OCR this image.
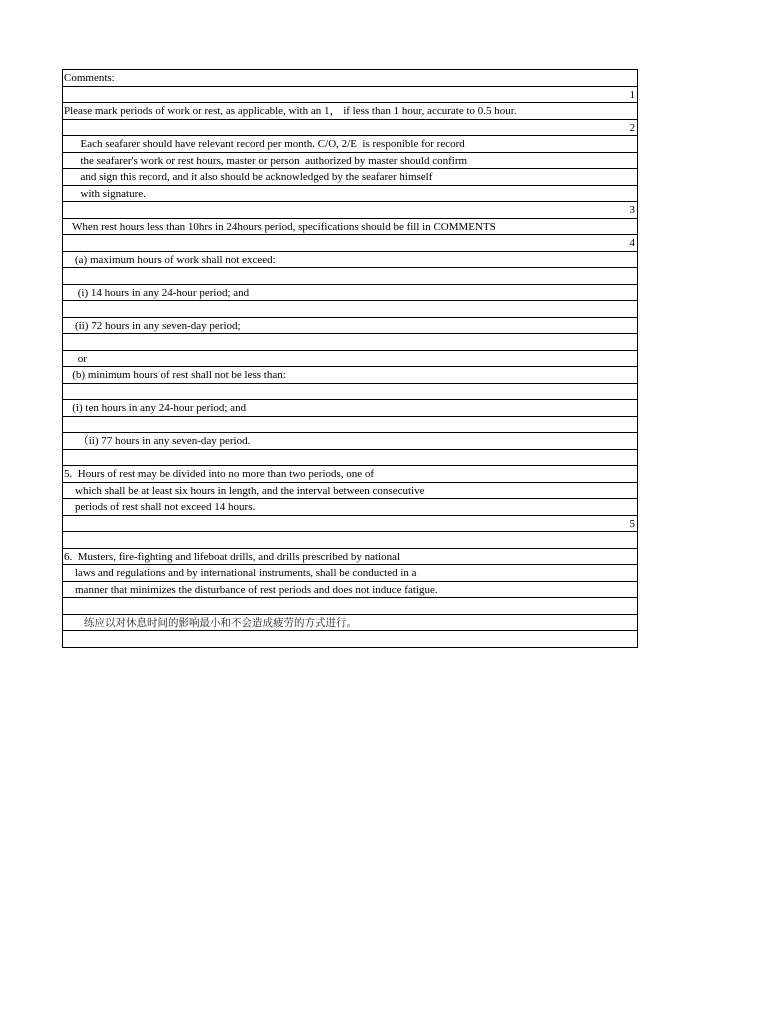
Comments:
1
Please mark periods of work or rest, as applicable, with an 1， if less than 1 hour, accurate to 0.5 hour.
2
Each seafarer should have relevant record per month. C/O, 2/E  is responible for record
the seafarer's work or rest hours, master or person  authorized by master should confirm
and sign this record, and it also should be acknowledged by the seafarer himself
with signature.
3
When rest hours less than 10hrs in 24hours period, specifications should be fill in COMMENTS
4
(a) maximum hours of work shall not exceed:
(i) 14 hours in any 24-hour period; and
(ii) 72 hours in any seven-day period;
or
(b) minimum hours of rest shall not be less than:
(i) ten hours in any 24-hour period; and
（ii) 77 hours in any seven-day period.
5.  Hours of rest may be divided into no more than two periods, one of
which shall be at least six hours in length, and the interval between consecutive
periods of rest shall not exceed 14 hours.
5
6.  Musters, fire-fighting and lifeboat drills, and drills prescribed by national
laws and regulations and by international instruments, shall be conducted in a
manner that minimizes the disturbance of rest periods and does not induce fatigue.
练应以对休息时间的影响最小和不会造成疲劳的方式进行。
